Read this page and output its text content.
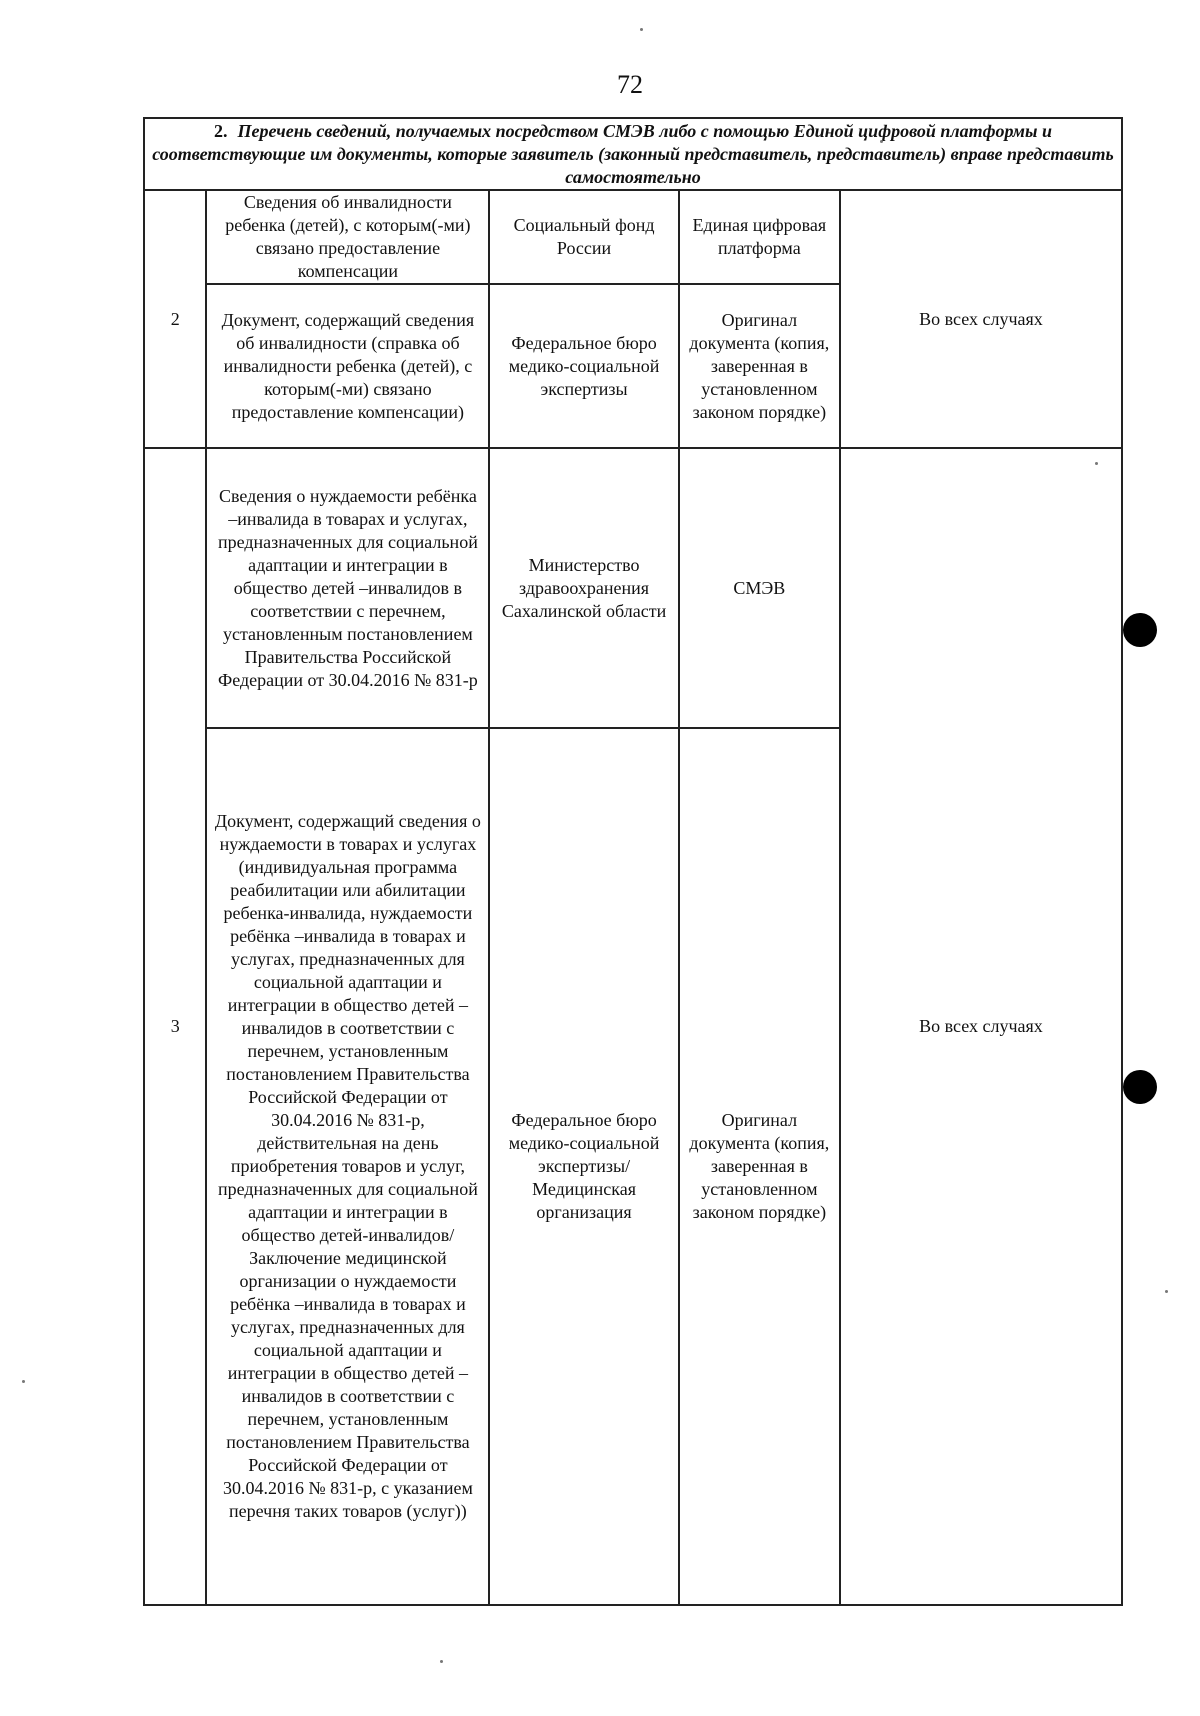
72
2. Перечень сведений, получаемых посредством СМЭВ либо с помощью Единой цифровой платформы и соответствующие им документы, которые заявитель (законный представитель, представитель) вправе представить самостоятельно				
2	Сведения об инвалидности ребенка (детей), с которым(-ми) связано предоставление компенсации	Социальный фонд России	Единая цифровая платформа	Во всех случаях
	Документ, содержащий сведения об инвалидности (справка об инвалидности ребенка (детей), с которым(-ми) связано предоставление компенсации)	Федеральное бюро медико-социальной экспертизы	Оригинал документа (копия, заверенная в установленном законом порядке)	
3	Сведения о нуждаемости ребёнка –инвалида в товарах и услугах, предназначенных для социальной адаптации и интеграции в общество детей –инвалидов в соответствии с перечнем, установленным постановлением Правительства Российской Федерации от 30.04.2016 № 831-р	Министерство здравоохранения Сахалинской области	СМЭВ	Во всех случаях
	Документ, содержащий сведения о нуждаемости в товарах и услугах (индивидуальная программа реабилитации или абилитации ребенка-инвалида, нуждаемости ребёнка –инвалида в товарах и услугах, предназначенных для социальной адаптации и интеграции в общество детей –инвалидов в соответствии с перечнем, установленным постановлением Правительства Российской Федерации от 30.04.2016 № 831-р, действительная на день приобретения товаров и услуг, предназначенных для социальной адаптации и интеграции в общество детей-инвалидов/ Заключение медицинской организации о нуждаемости ребёнка –инвалида в товарах и услугах, предназначенных для социальной адаптации и интеграции в общество детей –инвалидов в соответствии с перечнем, установленным постановлением Правительства Российской Федерации от 30.04.2016 № 831-р, с указанием перечня таких товаров (услуг))	Федеральное бюро медико-социальной экспертизы/ Медицинская организация	Оригинал документа (копия, заверенная в установленном законом порядке)	
